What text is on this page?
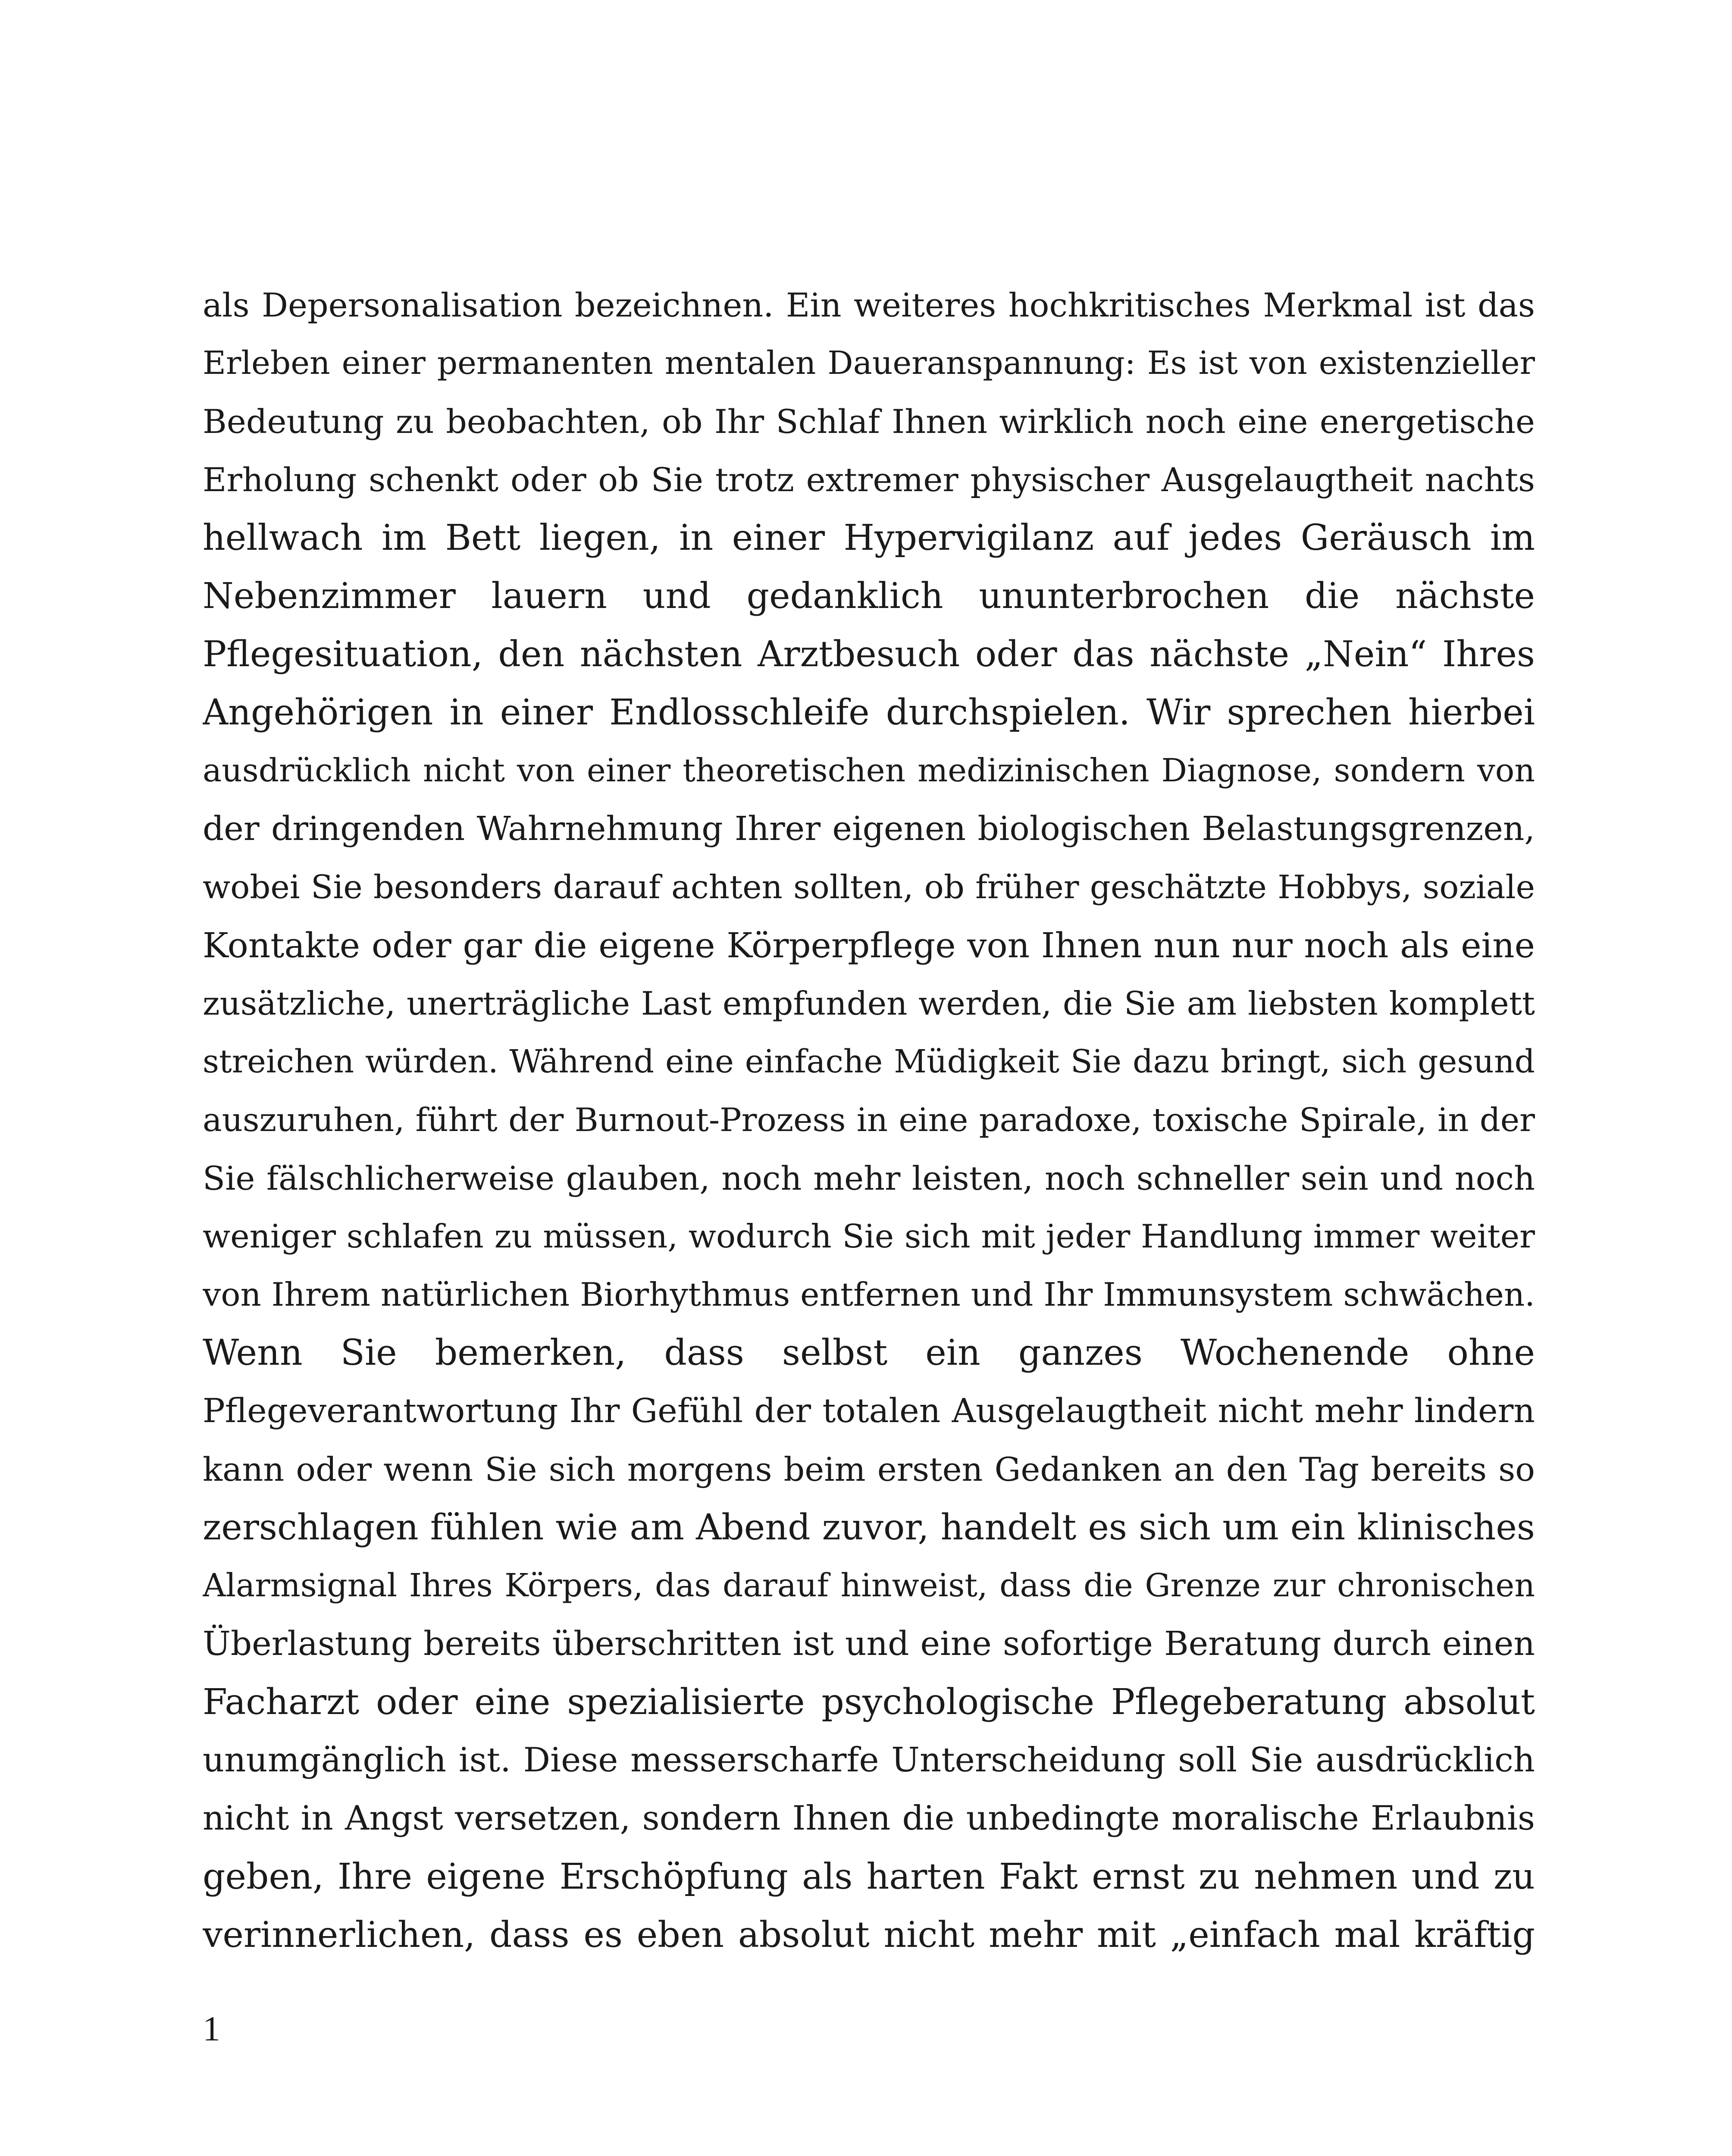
als Depersonalisation bezeichnen. Ein weiteres hochkritisches Merkmal ist das
Erleben einer permanenten mentalen Daueranspannung: Es ist von existenzieller
Bedeutung zu beobachten, ob Ihr Schlaf Ihnen wirklich noch eine energetische
Erholung schenkt oder ob Sie trotz extremer physischer Ausgelaugtheit nachts
hellwach im Bett liegen, in einer Hypervigilanz auf jedes Geräusch im
Nebenzimmer lauern und gedanklich ununterbrochen die nächste
Pflegesituation, den nächsten Arztbesuch oder das nächste „Nein“ Ihres
Angehörigen in einer Endlosschleife durchspielen. Wir sprechen hierbei
ausdrücklich nicht von einer theoretischen medizinischen Diagnose, sondern von
der dringenden Wahrnehmung Ihrer eigenen biologischen Belastungsgrenzen,
wobei Sie besonders darauf achten sollten, ob früher geschätzte Hobbys, soziale
Kontakte oder gar die eigene Körperpflege von Ihnen nun nur noch als eine
zusätzliche, unerträgliche Last empfunden werden, die Sie am liebsten komplett
streichen würden. Während eine einfache Müdigkeit Sie dazu bringt, sich gesund
auszuruhen, führt der Burnout-Prozess in eine paradoxe, toxische Spirale, in der
Sie fälschlicherweise glauben, noch mehr leisten, noch schneller sein und noch
weniger schlafen zu müssen, wodurch Sie sich mit jeder Handlung immer weiter
von Ihrem natürlichen Biorhythmus entfernen und Ihr Immunsystem schwächen.
Wenn Sie bemerken, dass selbst ein ganzes Wochenende ohne
Pflegeverantwortung Ihr Gefühl der totalen Ausgelaugtheit nicht mehr lindern
kann oder wenn Sie sich morgens beim ersten Gedanken an den Tag bereits so
zerschlagen fühlen wie am Abend zuvor, handelt es sich um ein klinisches
Alarmsignal Ihres Körpers, das darauf hinweist, dass die Grenze zur chronischen
Überlastung bereits überschritten ist und eine sofortige Beratung durch einen
Facharzt oder eine spezialisierte psychologische Pflegeberatung absolut
unumgänglich ist. Diese messerscharfe Unterscheidung soll Sie ausdrücklich
nicht in Angst versetzen, sondern Ihnen die unbedingte moralische Erlaubnis
geben, Ihre eigene Erschöpfung als harten Fakt ernst zu nehmen und zu
verinnerlichen, dass es eben absolut nicht mehr mit „einfach mal kräftig
1
